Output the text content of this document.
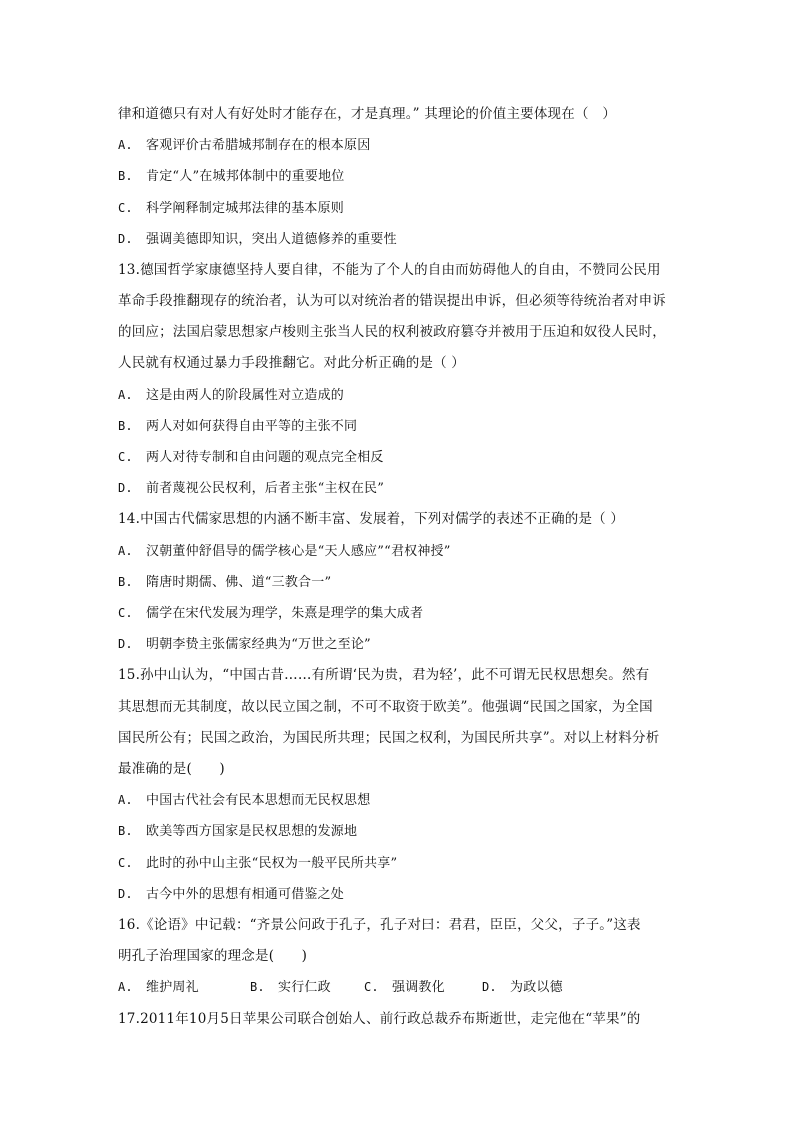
律和道德只有对人有好处时才能存在，才是真理。” 其理论的价值主要体现在（　）
A. 客观评价古希腊城邦制存在的根本原因
B. 肯定“人”在城邦体制中的重要地位
C. 科学阐释制定城邦法律的基本原则
D. 强调美德即知识，突出人道德修养的重要性
13.德国哲学家康德坚持人要自律，不能为了个人的自由而妨碍他人的自由，不赞同公民用
革命手段推翻现存的统治者，认为可以对统治者的错误提出申诉，但必须等待统治者对申诉
的回应；法国启蒙思想家卢梭则主张当人民的权利被政府篡夺并被用于压迫和奴役人民时，
人民就有权通过暴力手段推翻它。对此分析正确的是（ ）
A. 这是由两人的阶段属性对立造成的
B. 两人对如何获得自由平等的主张不同
C. 两人对待专制和自由问题的观点完全相反
D. 前者蔑视公民权利，后者主张“主权在民”
14.中国古代儒家思想的内涵不断丰富、发展着，下列对儒学的表述不正确的是（ ）
A. 汉朝董仲舒倡导的儒学核心是“天人感应”“君权神授”
B. 隋唐时期儒、佛、道“三教合一”
C. 儒学在宋代发展为理学，朱熹是理学的集大成者
D. 明朝李贽主张儒家经典为“万世之至论”
15.孙中山认为，“中国古昔……有所谓‘民为贵，君为轻’，此不可谓无民权思想矣。然有
其思想而无其制度，故以民立国之制，不可不取资于欧美”。他强调“民国之国家，为全国
国民所公有；民国之政治，为国民所共理；民国之权利，为国民所共享”。对以上材料分析
最准确的是(　　)
A. 中国古代社会有民本思想而无民权思想
B. 欧美等西方国家是民权思想的发源地
C. 此时的孙中山主张“民权为一般平民所共享”
D. 古今中外的思想有相通可借鉴之处
16.《论语》中记载：“齐景公问政于孔子，孔子对曰：君君，臣臣，父父，子子。”这表
明孔子治理国家的理念是(　　)
A. 维护周礼	B. 实行仁政	C. 强调教化	D. 为政以德
17.2011年10月5日苹果公司联合创始人、前行政总裁乔布斯逝世，走完他在“苹果”的
